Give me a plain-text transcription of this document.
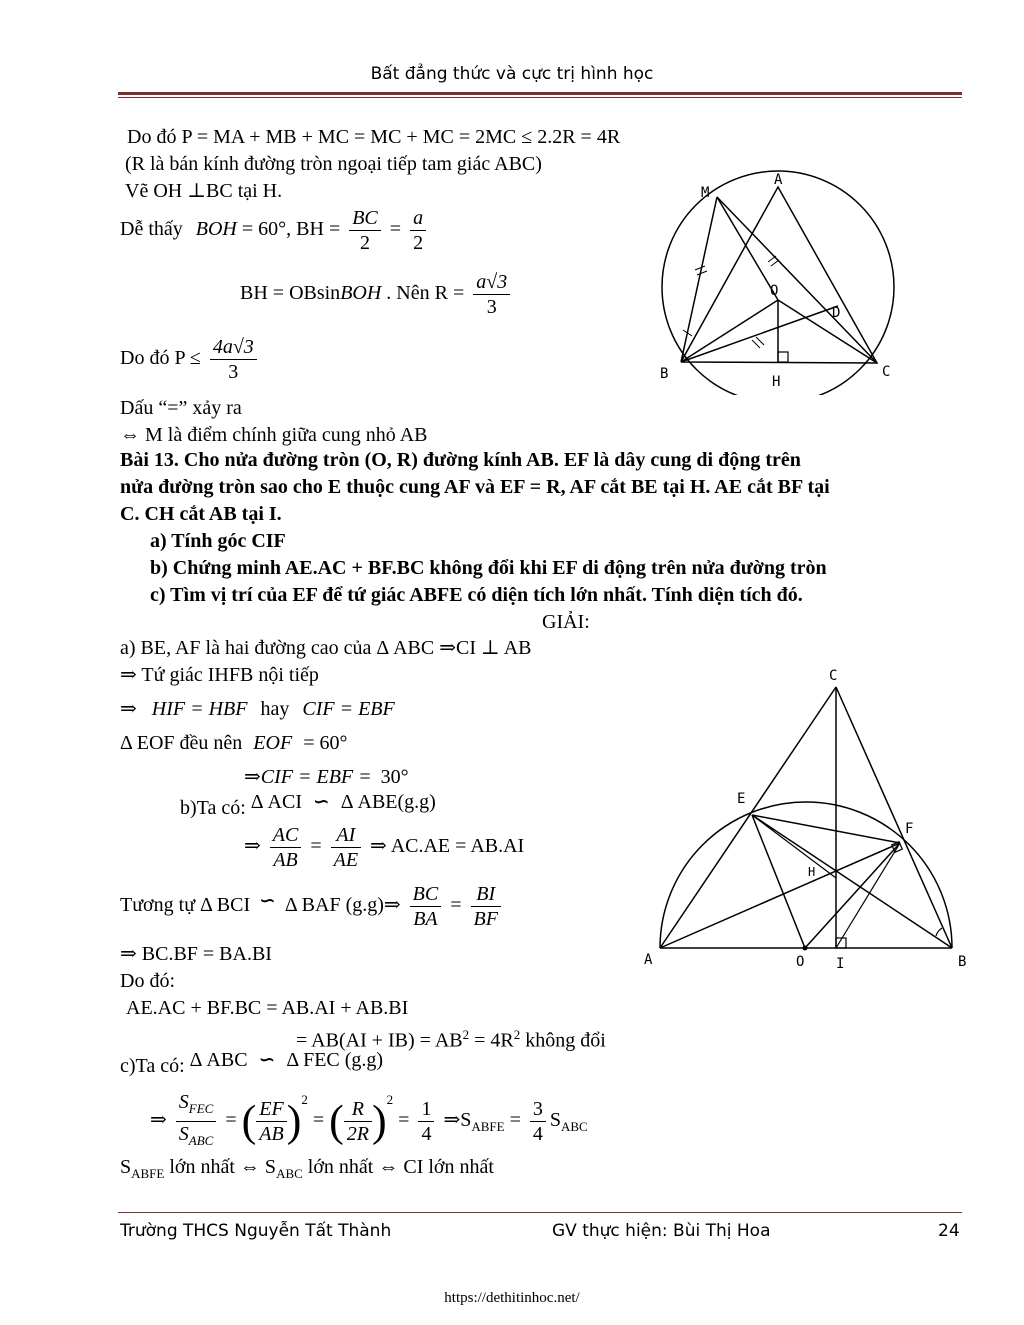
Bất đẳng thức và cực trị hình học
Do đó P = MA + MB + MC = MC + MC = 2MC ≤ 2.2R = 4R
(R là bán kính đường tròn ngoại tiếp tam giác ABC)
Vẽ OH ⊥BC tại H.
Dễ thấy BOH = 60°, BH = $\frac{BC}{2} = \frac{a}{2}$
BH = OBsinBOH . Nên $R = \frac{a√3}{3}$
Do đó $P \le \frac{4a√3}{3}$
Dấu “=” xảy ra
⇔ M là điểm chính giữa cung nhỏ AB
A
M
O
D
B	H
C
Bài 13. Cho nửa đường tròn (O, R) đường kính AB. EF là dây cung di động trên
nửa đường tròn sao cho E thuộc cung AF và EF = R, AF cắt BE tại H. AE cắt BF tại
C. CH cắt AB tại I.
a) Tính góc CIF
b) Chứng minh AE.AC + BF.BC không đổi khi EF di động trên nửa đường tròn
c) Tìm vị trí của EF để tứ giác ABFE có diện tích lớn nhất. Tính diện tích đó.
GIẢI:
a) BE, AF là hai đường cao của Δ ABC ⇒CI ⊥ AB
⇒ Tứ giác IHFB nội tiếp
⇒ HIF = HBF hay CIF = EBF
Δ EOF đều nên EOF = 60°
⇒CIF = EBF = 30°
b)Ta có: Δ ACI ∽ Δ ABE(g.g)
⇒ $\frac{AC}{AB} = \frac{AI}{AE}$ ⇒ AC.AE = AB.AI
Tương tự Δ BCI ∽ Δ BAF (g.g)⇒ $\frac{BC}{BA} = \frac{BI}{BF}$
⇒ BC.BF = BA.BI
Do đó:
AE.AC + BF.BC = AB.AI + AB.BI
= $AB(AI + IB) = AB^2 = 4R^2$ không đổi
c)Ta có: Δ ABC ∽ Δ FEC (g.g)
⇒ $\frac{S_{FEC}}{S_{ABC}}$ = ( $\frac{EF}{AB} )^2$ = ( $\frac{R}{2R} )^2 = \frac{1}{4}$ $\Rightarrow S_{ABFE} = \frac{3}{4} S_{ABC}$
$S_{ABFE}$ lớn nhất ⇔ $S_{ABC}$ lớn nhất ⇔ CI lớn nhất
C
E
F
H
A	O I	B
Trường THCS Nguyễn Tất Thành	GV thực hiện: Bùi Thị Hoa	24
https://dethitinhoc.net/
